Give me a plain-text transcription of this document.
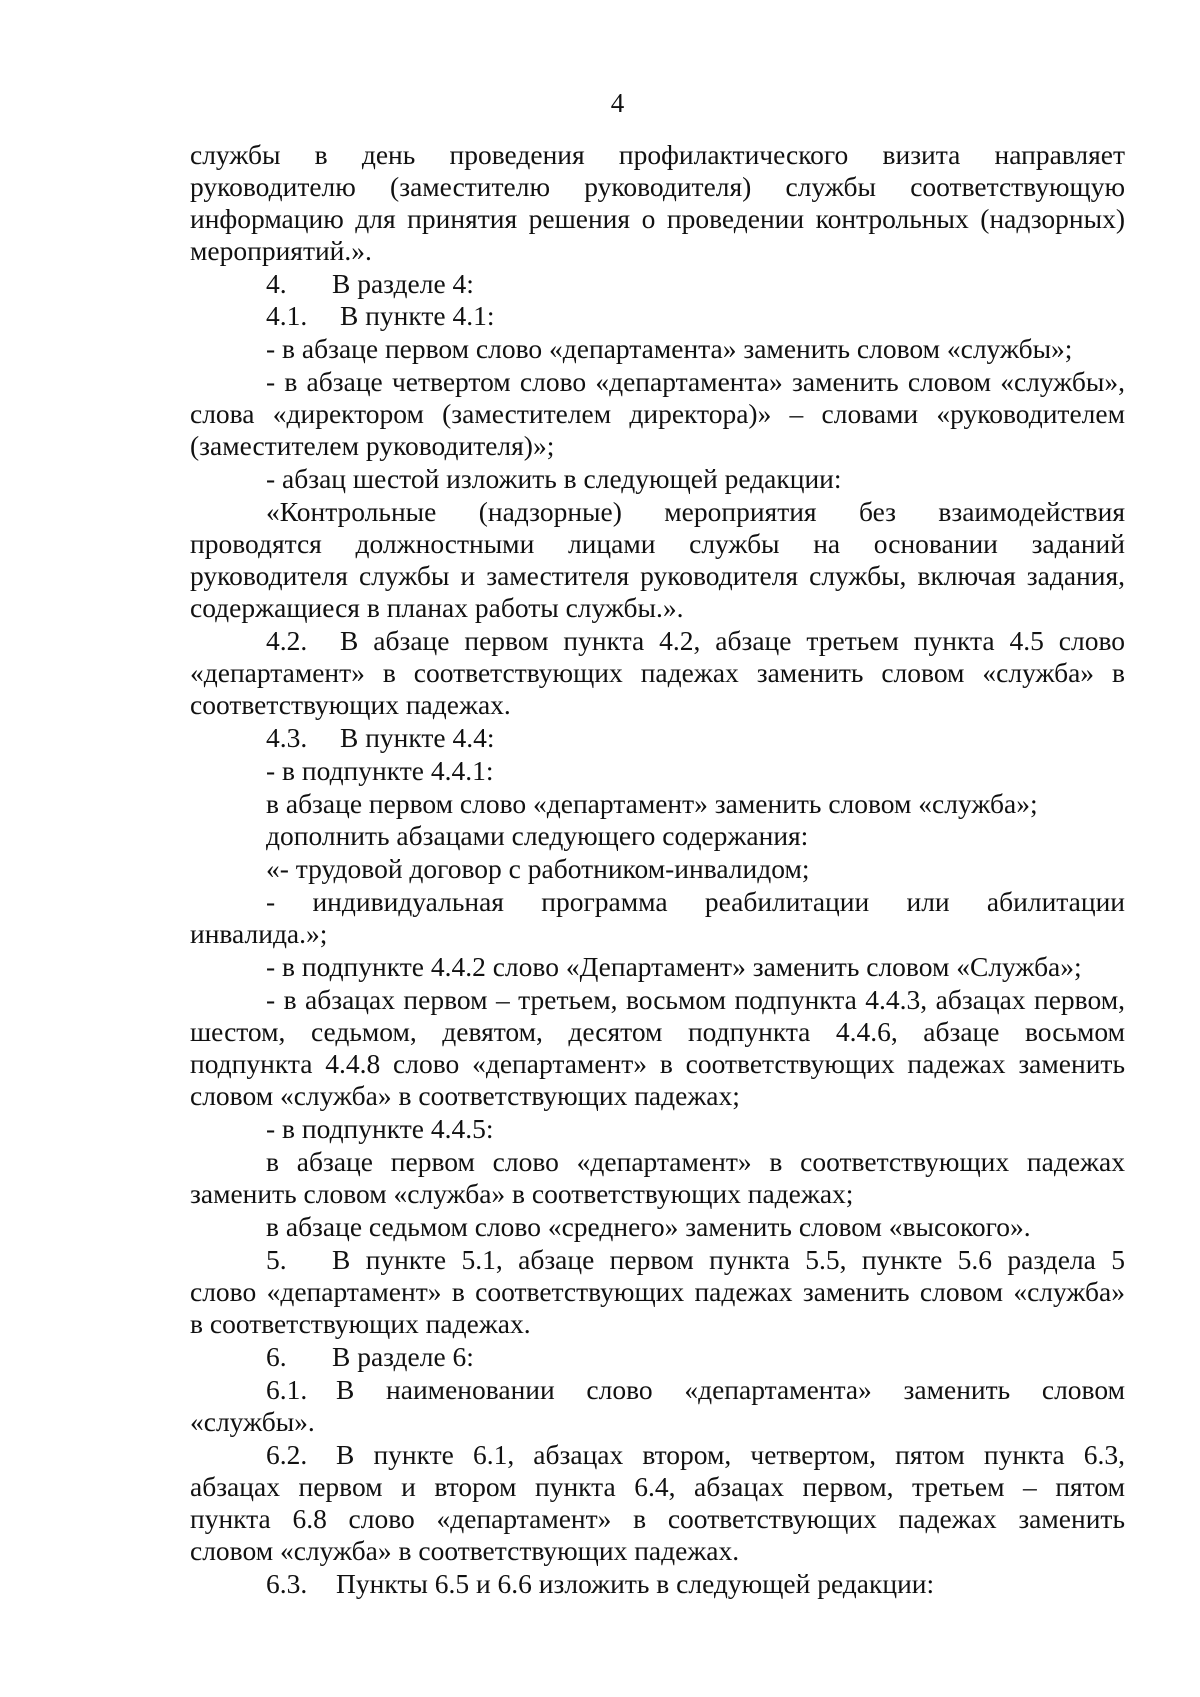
4
службы в день проведения профилактического визита направляет
руководителю (заместителю руководителя) службы соответствующую
информацию для принятия решения о проведении контрольных (надзорных)
мероприятий.».
4. В разделе 4:
4.1. В пункте 4.1:
- в абзаце первом слово «департамента» заменить словом «службы»;
- в абзаце четвертом слово «департамента» заменить словом «службы»,
слова «директором (заместителем директора)» – словами «руководителем
(заместителем руководителя)»;
- абзац шестой изложить в следующей редакции:
«Контрольные (надзорные) мероприятия без взаимодействия
проводятся должностными лицами службы на основании заданий
руководителя службы и заместителя руководителя службы, включая задания,
содержащиеся в планах работы службы.».
4.2. В абзаце первом пункта 4.2, абзаце третьем пункта 4.5 слово
«департамент» в соответствующих падежах заменить словом «служба» в
соответствующих падежах.
4.3. В пункте 4.4:
- в подпункте 4.4.1:
в абзаце первом слово «департамент» заменить словом «служба»;
дополнить абзацами следующего содержания:
«- трудовой договор с работником-инвалидом;
- индивидуальная программа реабилитации или абилитации
инвалида.»;
- в подпункте 4.4.2 слово «Департамент» заменить словом «Служба»;
- в абзацах первом – третьем, восьмом подпункта 4.4.3, абзацах первом,
шестом, седьмом, девятом, десятом подпункта 4.4.6, абзаце восьмом
подпункта 4.4.8 слово «департамент» в соответствующих падежах заменить
словом «служба» в соответствующих падежах;
- в подпункте 4.4.5:
в абзаце первом слово «департамент» в соответствующих падежах
заменить словом «служба» в соответствующих падежах;
в абзаце седьмом слово «среднего» заменить словом «высокого».
5. В пункте 5.1, абзаце первом пункта 5.5, пункте 5.6 раздела 5
слово «департамент» в соответствующих падежах заменить словом «служба»
в соответствующих падежах.
6. В разделе 6:
6.1. В наименовании слово «департамента» заменить словом
«службы».
6.2. В пункте 6.1, абзацах втором, четвертом, пятом пункта 6.3,
абзацах первом и втором пункта 6.4, абзацах первом, третьем – пятом
пункта 6.8 слово «департамент» в соответствующих падежах заменить
словом «служба» в соответствующих падежах.
6.3. Пункты 6.5 и 6.6 изложить в следующей редакции:
